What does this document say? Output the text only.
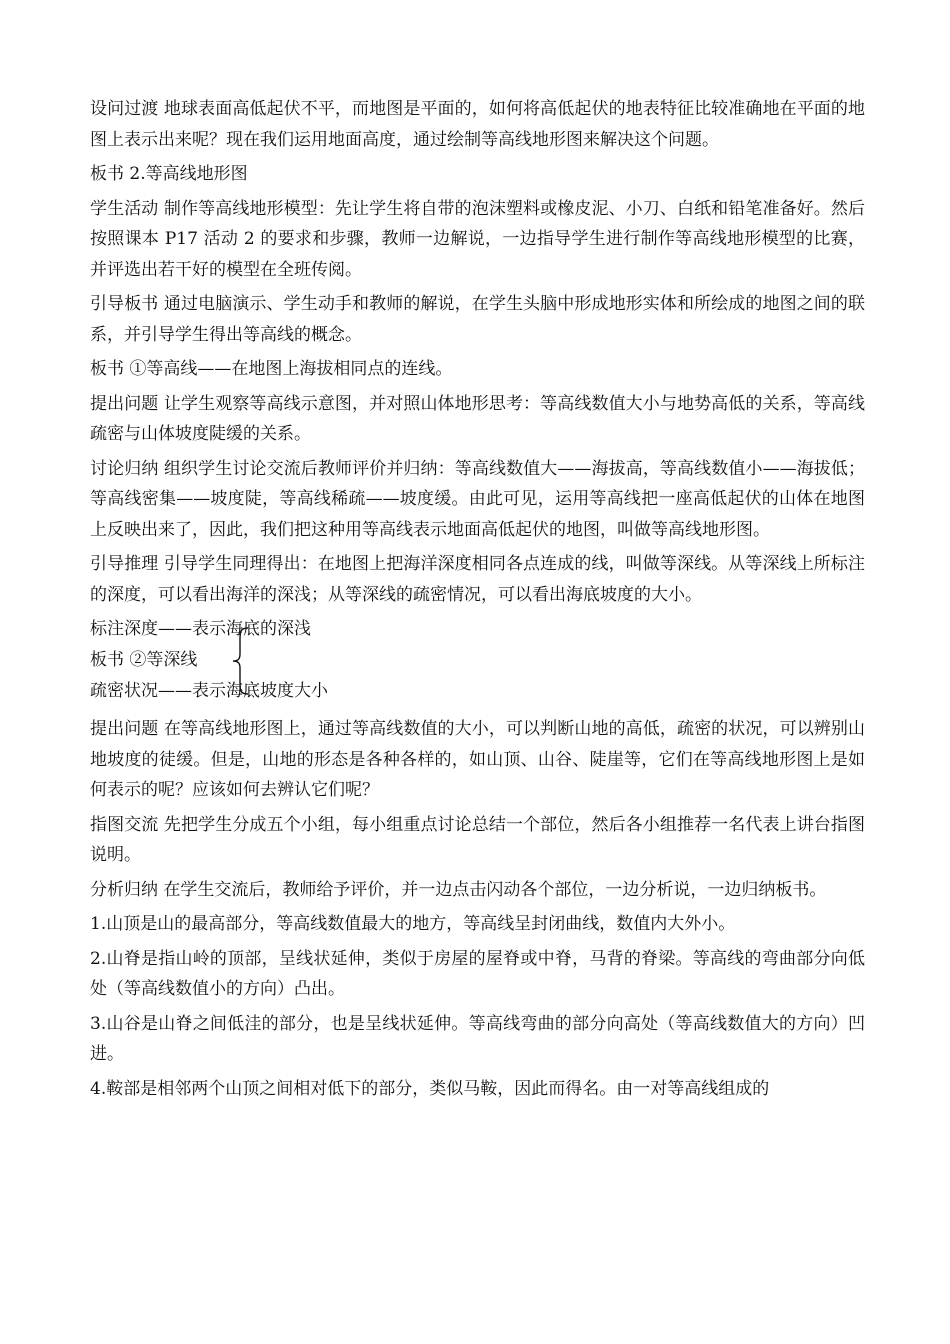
设问过渡 地球表面高低起伏不平，而地图是平面的，如何将高低起伏的地表特征比较准确地在平面的地图上表示出来呢？现在我们运用地面高度，通过绘制等高线地形图来解决这个问题。

板书 2.等高线地形图

学生活动 制作等高线地形模型：先让学生将自带的泡沫塑料或橡皮泥、小刀、白纸和铅笔准备好。然后按照课本 P17 活动 2 的要求和步骤，教师一边解说，一边指导学生进行制作等高线地形模型的比赛，并评选出若干好的模型在全班传阅。

引导板书 通过电脑演示、学生动手和教师的解说，在学生头脑中形成地形实体和所绘成的地图之间的联系，并引导学生得出等高线的概念。

板书 ①等高线——在地图上海拔相同点的连线。

提出问题 让学生观察等高线示意图，并对照山体地形思考：等高线数值大小与地势高低的关系，等高线疏密与山体坡度陡缓的关系。

讨论归纳 组织学生讨论交流后教师评价并归纳：等高线数值大——海拔高，等高线数值小——海拔低；等高线密集——坡度陡，等高线稀疏——坡度缓。由此可见，运用等高线把一座高低起伏的山体在地图上反映出来了，因此，我们把这种用等高线表示地面高低起伏的地图，叫做等高线地形图。

引导推理 引导学生同理得出：在地图上把海洋深度相同各点连成的线，叫做等深线。从等深线上所标注的深度，可以看出海洋的深浅；从等深线的疏密情况，可以看出海底坡度的大小。

标注深度——表示海底的深浅
板书 ②等深线
疏密状况——表示海底坡度大小

提出问题 在等高线地形图上，通过等高线数值的大小，可以判断山地的高低，疏密的状况，可以辨别山地坡度的徒缓。但是，山地的形态是各种各样的，如山顶、山谷、陡崖等，它们在等高线地形图上是如何表示的呢？应该如何去辨认它们呢？

指图交流 先把学生分成五个小组，每小组重点讨论总结一个部位，然后各小组推荐一名代表上讲台指图说明。

分析归纳 在学生交流后，教师给予评价，并一边点击闪动各个部位，一边分析说，一边归纳板书。

1.山顶是山的最高部分，等高线数值最大的地方，等高线呈封闭曲线，数值内大外小。

2.山脊是指山岭的顶部，呈线状延伸，类似于房屋的屋脊或中脊，马背的脊梁。等高线的弯曲部分向低处（等高线数值小的方向）凸出。

3.山谷是山脊之间低洼的部分，也是呈线状延伸。等高线弯曲的部分向高处（等高线数值大的方向）凹进。

4.鞍部是相邻两个山顶之间相对低下的部分，类似马鞍，因此而得名。由一对等高线组成的
